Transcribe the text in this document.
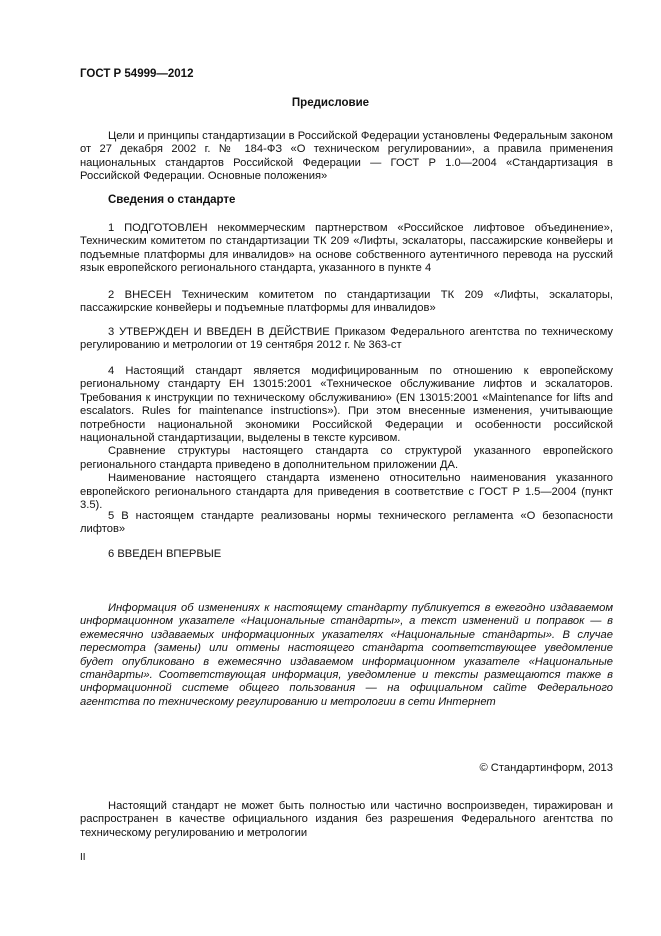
ГОСТ Р 54999—2012
Предисловие

Цели и принципы стандартизации в Российской Федерации установлены Федеральным законом от 27 декабря 2002 г. № 184-ФЗ «О техническом регулировании», а правила применения национальных стандартов Российской Федерации — ГОСТ Р 1.0—2004 «Стандартизация в Российской Федерации. Основные положения»

Сведения о стандарте

1 ПОДГОТОВЛЕН некоммерческим партнерством «Российское лифтовое объединение», Техническим комитетом по стандартизации ТК 209 «Лифты, эскалаторы, пассажирские конвейеры и подъемные платформы для инвалидов» на основе собственного аутентичного перевода на русский язык европейского регионального стандарта, указанного в пункте 4

2 ВНЕСЕН Техническим комитетом по стандартизации ТК 209 «Лифты, эскалаторы, пассажирские конвейеры и подъемные платформы для инвалидов»

3 УТВЕРЖДЕН И ВВЕДЕН В ДЕЙСТВИЕ Приказом Федерального агентства по техническому регулированию и метрологии от 19 сентября 2012 г. № 363-ст

4 Настоящий стандарт является модифицированным по отношению к европейскому региональному стандарту ЕН 13015:2001 «Техническое обслуживание лифтов и эскалаторов. Требования к инструкции по техническому обслуживанию» (EN 13015:2001 «Maintenance for lifts and escalators. Rules for maintenance instructions»). При этом внесенные изменения, учитывающие потребности национальной экономики Российской Федерации и особенности российской национальной стандартизации, выделены в тексте курсивом.

Сравнение структуры настоящего стандарта со структурой указанного европейского регионального стандарта приведено в дополнительном приложении ДА.

Наименование настоящего стандарта изменено относительно наименования указанного европейского регионального стандарта для приведения в соответствие с ГОСТ Р 1.5—2004 (пункт 3.5).

5 В настоящем стандарте реализованы нормы технического регламента «О безопасности лифтов»

6 ВВЕДЕН ВПЕРВЫЕ

Информация об изменениях к настоящему стандарту публикуется в ежегодно издаваемом информационном указателе «Национальные стандарты», а текст изменений и поправок — в ежемесячно издаваемых информационных указателях «Национальные стандарты». В случае пересмотра (замены) или отмены настоящего стандарта соответствующее уведомление будет опубликовано в ежемесячно издаваемом информационном указателе «Национальные стандарты». Соответствующая информация, уведомление и тексты размещаются также в информационной системе общего пользования — на официальном сайте Федерального агентства по техническому регулированию и метрологии в сети Интернет

© Стандартинформ, 2013

Настоящий стандарт не может быть полностью или частично воспроизведен, тиражирован и распространен в качестве официального издания без разрешения Федерального агентства по техническому регулированию и метрологии

II
